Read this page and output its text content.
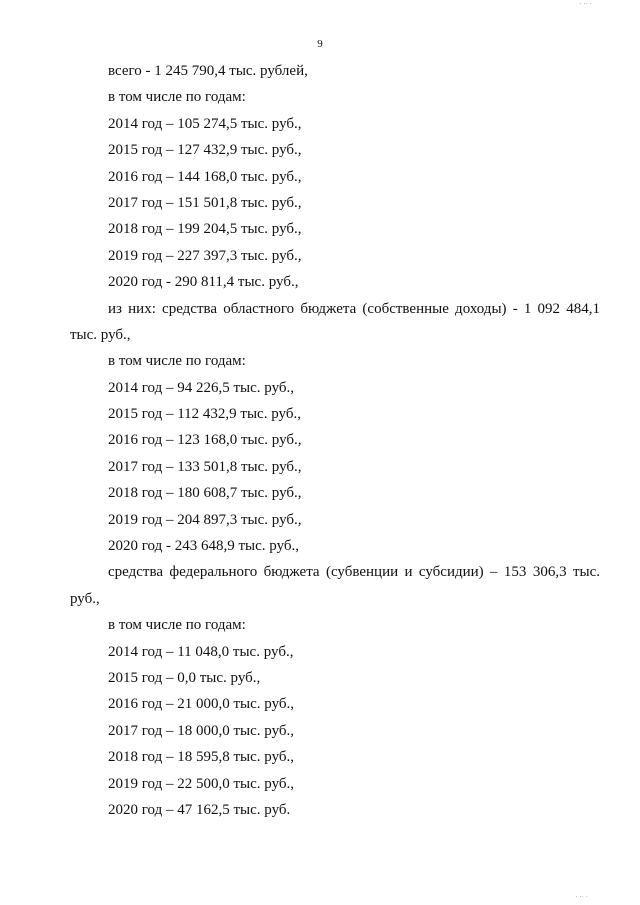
· ·· ·
9
всего - 1 245 790,4 тыс. рублей,
в том числе по годам:
2014 год – 105 274,5 тыс. руб.,
2015 год – 127 432,9 тыс. руб.,
2016 год – 144 168,0 тыс. руб.,
2017 год – 151 501,8 тыс. руб.,
2018 год – 199 204,5 тыс. руб.,
2019 год – 227 397,3 тыс. руб.,
2020 год - 290 811,4 тыс. руб.,
из них: средства областного бюджета (собственные доходы) - 1 092 484,1
тыс. руб.,
в том числе по годам:
2014 год – 94 226,5 тыс. руб.,
2015 год – 112 432,9 тыс. руб.,
2016 год – 123 168,0 тыс. руб.,
2017 год – 133 501,8 тыс. руб.,
2018 год – 180 608,7 тыс. руб.,
2019 год – 204 897,3 тыс. руб.,
2020 год - 243 648,9 тыс. руб.,
средства федерального бюджета (субвенции и субсидии) – 153 306,3 тыс.
руб.,
в том числе по годам:
2014 год – 11 048,0 тыс. руб.,
2015 год – 0,0 тыс. руб.,
2016 год – 21 000,0 тыс. руб.,
2017 год – 18 000,0 тыс. руб.,
2018 год – 18 595,8 тыс. руб.,
2019 год – 22 500,0 тыс. руб.,
2020 год – 47 162,5 тыс. руб.
· ·· ·
